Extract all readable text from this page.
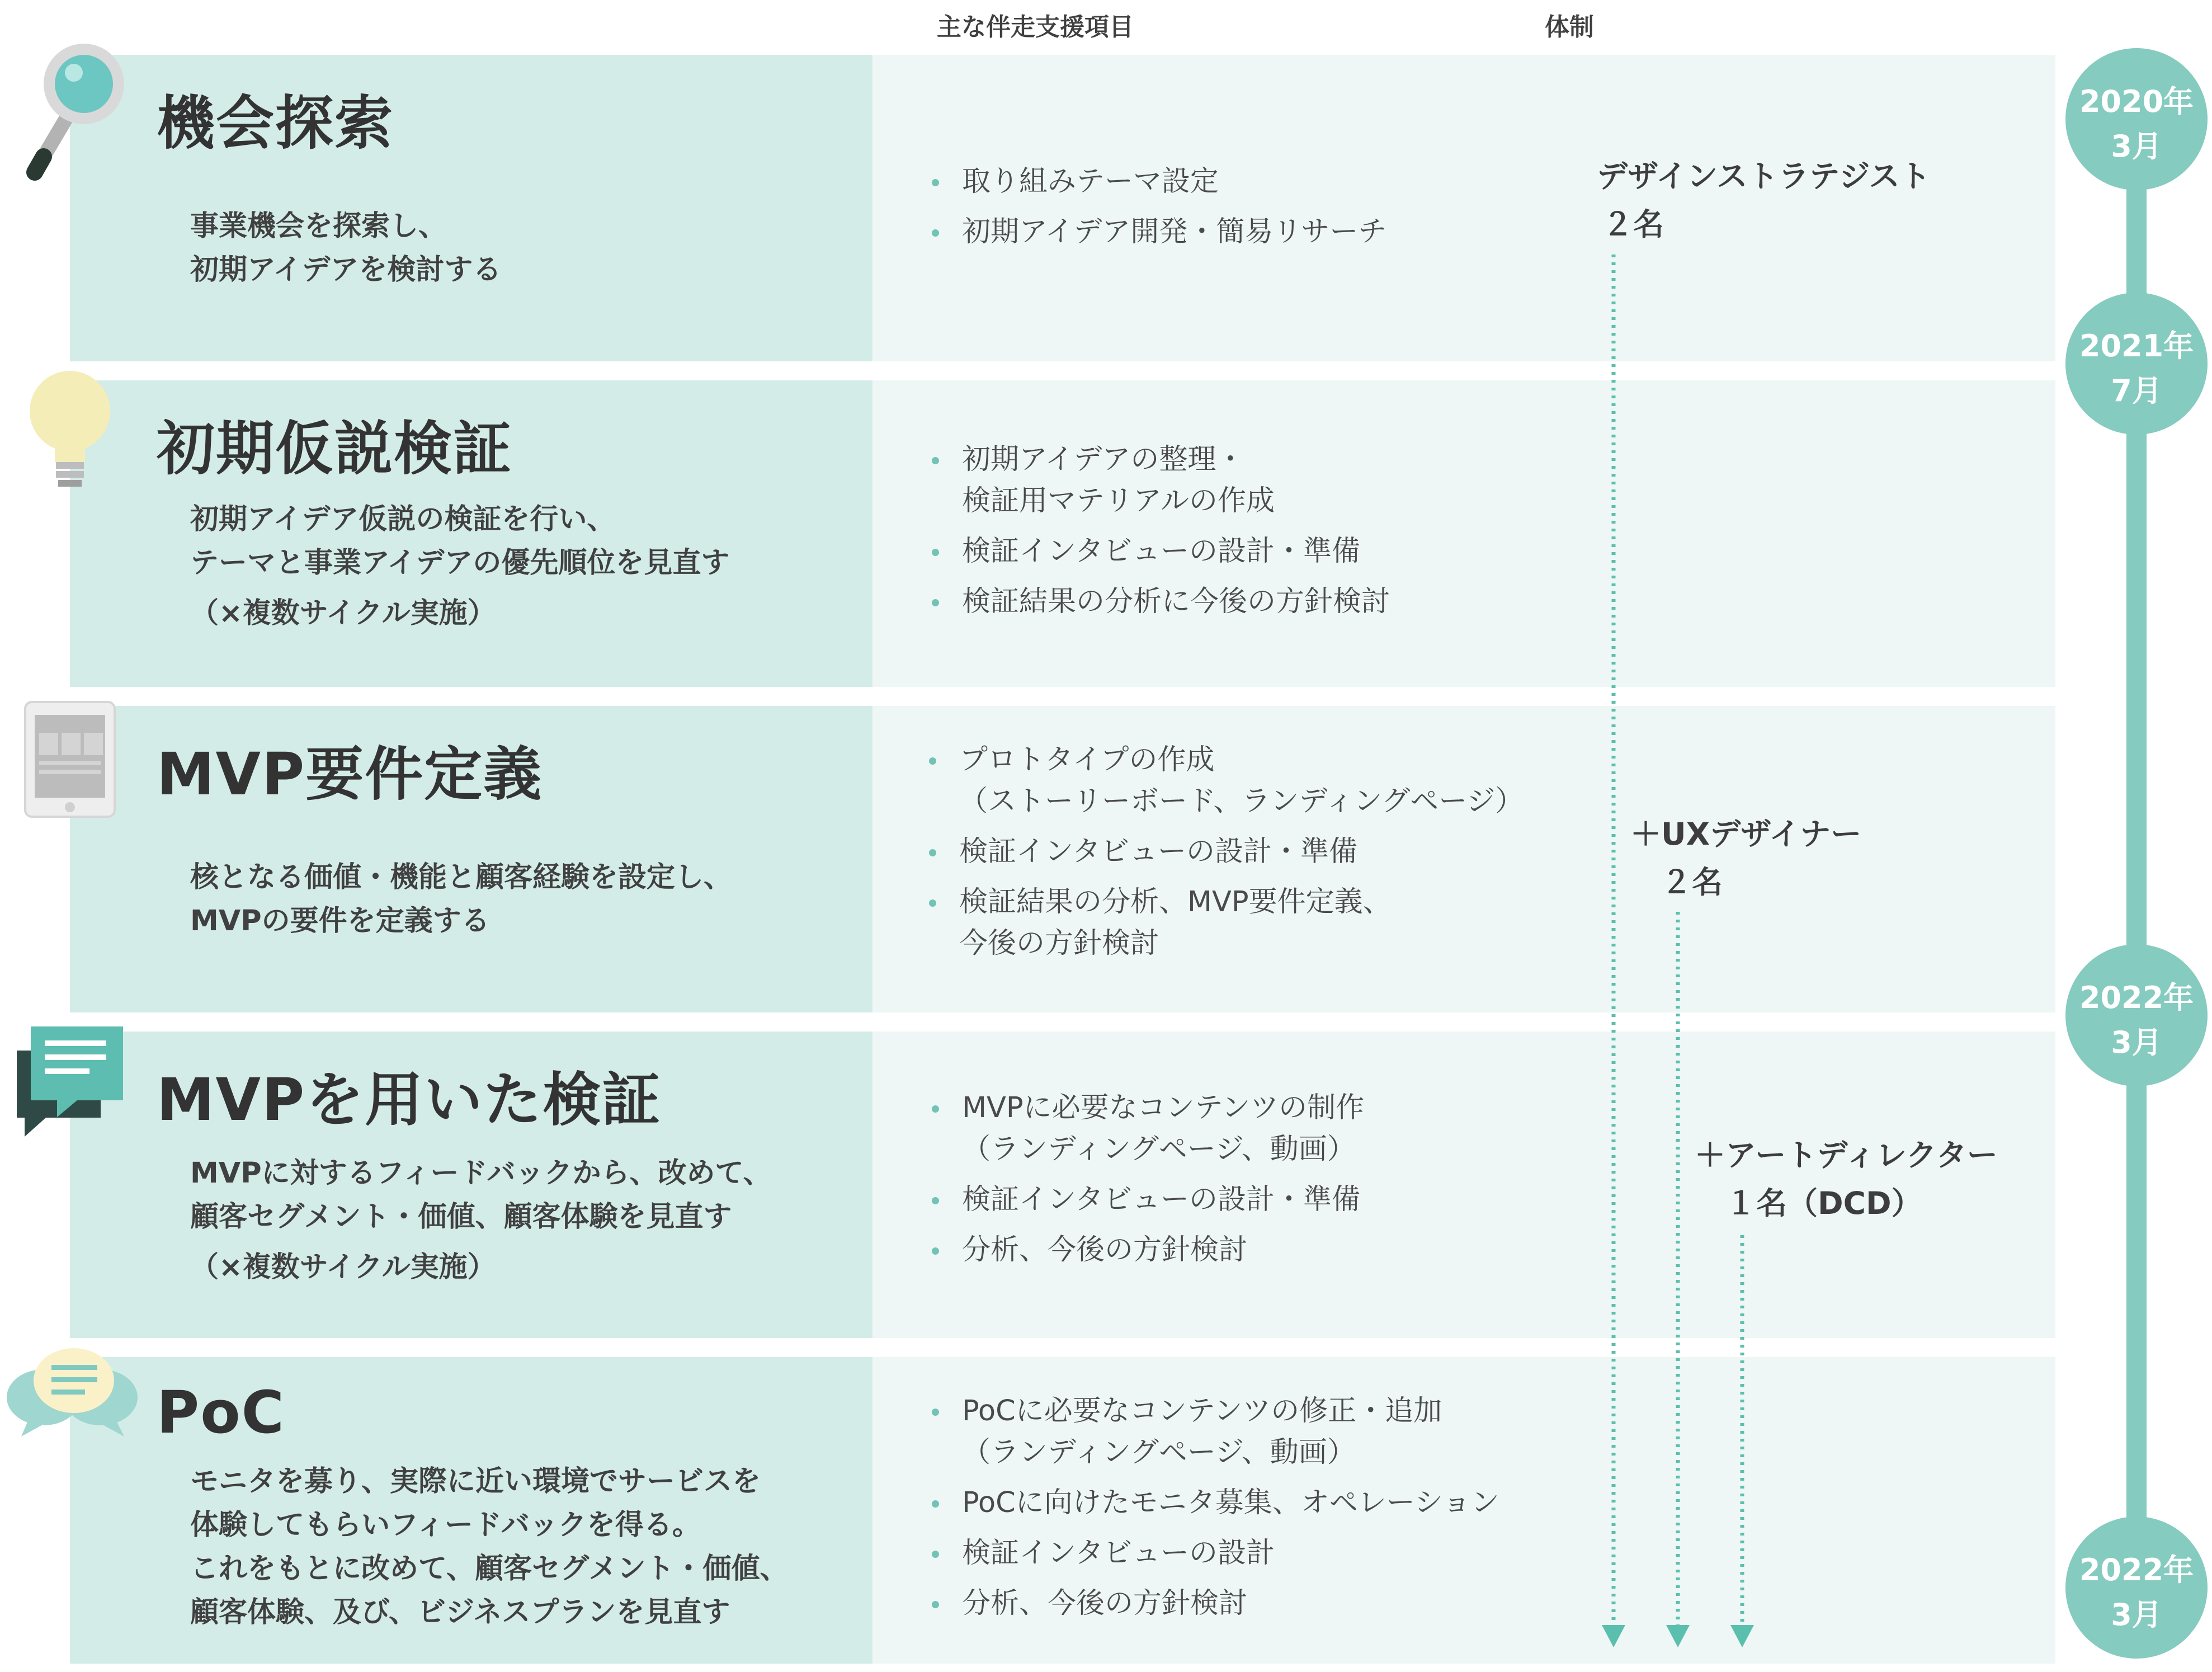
主な伴走支援項目	体制
機会探索
事業機会を探索し、
初期アイデアを検討する
取り組みテーマ設定
初期アイデア開発・簡易リサーチ
初期仮説検証
初期アイデア仮説の検証を行い、
テーマと事業アイデアの優先順位を見直す
（×複数サイクル実施）
初期アイデアの整理・
検証用マテリアルの作成
検証インタビューの設計・準備
検証結果の分析に今後の方針検討
MVP要件定義
核となる価値・機能と顧客経験を設定し、
MVPの要件を定義する
プロトタイプの作成
（ストーリーボード、ランディングページ）
検証インタビューの設計・準備
検証結果の分析、MVP要件定義、
今後の方針検討
MVPを用いた検証
MVPに対するフィードバックから、改めて、
顧客セグメント・価値、顧客体験を見直す
（×複数サイクル実施）
MVPに必要なコンテンツの制作
（ランディングページ、動画）
検証インタビューの設計・準備
分析、今後の方針検討
PoC
モニタを募り、実際に近い環境でサービスを
体験してもらいフィードバックを得る。
これをもとに改めて、顧客セグメント・価値、
顧客体験、及び、ビジネスプランを見直す
PoCに必要なコンテンツの修正・追加
（ランディングページ、動画）
PoCに向けたモニタ募集、オペレーション
検証インタビューの設計
分析、今後の方針検討
デザインストラテジスト
２名
＋UXデザイナー
２名
＋アートディレクター
１名（DCD）
2020年
3月
2021年
7月
2022年
3月
2022年
3月
